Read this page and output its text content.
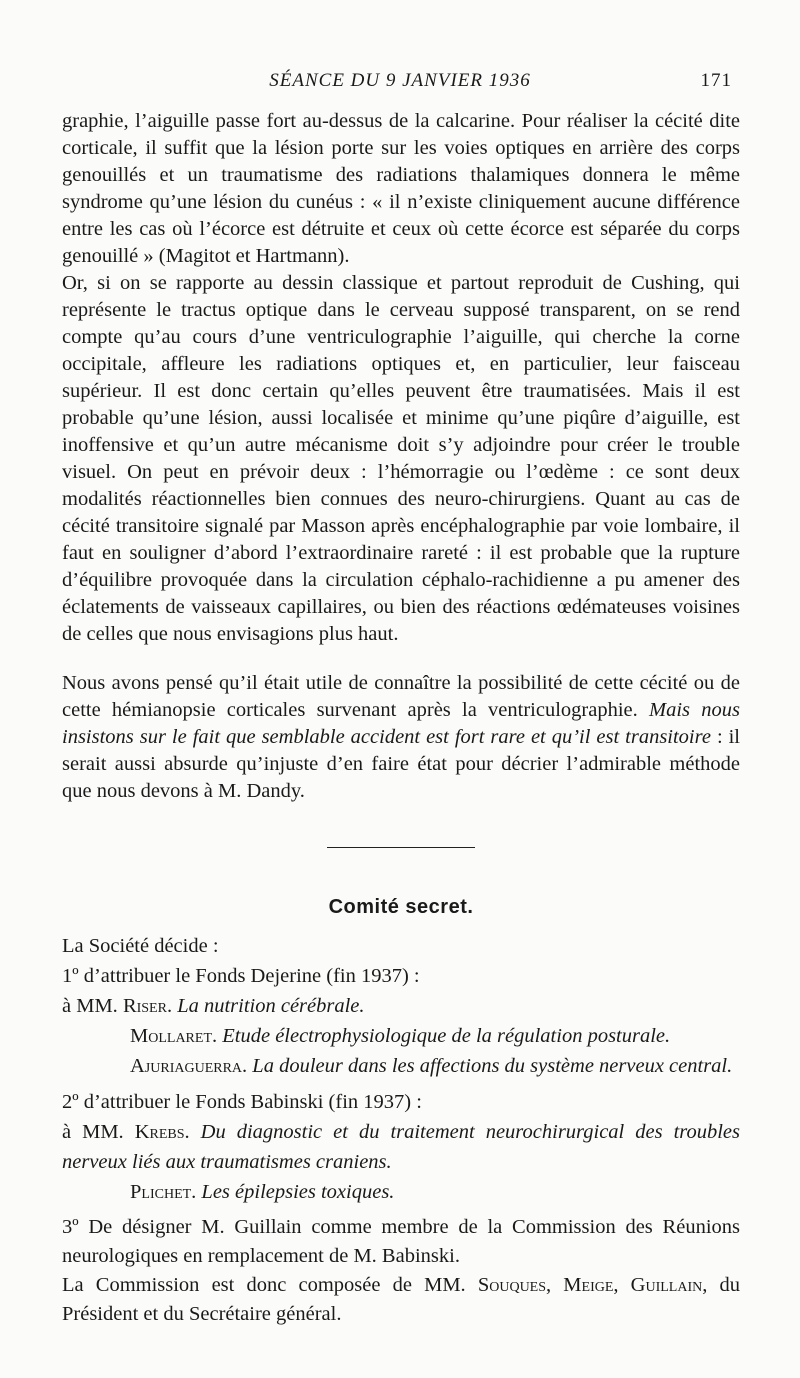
SÉANCE DU 9 JANVIER 1936	171

graphie, l’aiguille passe fort au-dessus de la calcarine. Pour réaliser la cécité dite corticale, il suffit que la lésion porte sur les voies optiques en arrière des corps genouillés et un traumatisme des radiations thalamiques donnera le même syndrome qu’une lésion du cunéus : « il n’existe cliniquement aucune différence entre les cas où l’écorce est détruite et ceux où cette écorce est séparée du corps genouillé » (Magitot et Hartmann).

Or, si on se rapporte au dessin classique et partout reproduit de Cushing, qui représente le tractus optique dans le cerveau supposé transparent, on se rend compte qu’au cours d’une ventriculographie l’aiguille, qui cherche la corne occipitale, affleure les radiations optiques et, en particulier, leur faisceau supérieur. Il est donc certain qu’elles peuvent être traumatisées. Mais il est probable qu’une lésion, aussi localisée et minime qu’une piqûre d’aiguille, est inoffensive et qu’un autre mécanisme doit s’y adjoindre pour créer le trouble visuel. On peut en prévoir deux : l’hémorragie ou l’œdème : ce sont deux modalités réactionnelles bien connues des neuro-chirurgiens. Quant au cas de cécité transitoire signalé par Masson après encéphalographie par voie lombaire, il faut en souligner d’abord l’extraordinaire rareté : il est probable que la rupture d’équilibre provoquée dans la circulation céphalo-rachidienne a pu amener des éclatements de vaisseaux capillaires, ou bien des réactions œdémateuses voisines de celles que nous envisagions plus haut.

Nous avons pensé qu’il était utile de connaître la possibilité de cette cécité ou de cette hémianopsie corticales survenant après la ventriculographie. Mais nous insistons sur le fait que semblable accident est fort rare et qu’il est transitoire : il serait aussi absurde qu’injuste d’en faire état pour décrier l’admirable méthode que nous devons à M. Dandy.

Comité secret.
La Société décide :
1º d’attribuer le Fonds Dejerine (fin 1937) :
à MM. Riser. La nutrition cérébrale.
Mollaret. Etude électrophysiologique de la régulation posturale.
Ajuriaguerra. La douleur dans les affections du système nerveux central.
2º d’attribuer le Fonds Babinski (fin 1937) :
à MM. Krebs. Du diagnostic et du traitement neurochirurgical des troubles nerveux liés aux traumatismes craniens.
Plichet. Les épilepsies toxiques.

3º De désigner M. Guillain comme membre de la Commission des Réunions neurologiques en remplacement de M. Babinski.

La Commission est donc composée de MM. Souques, Meige, Guillain, du Président et du Secrétaire général.
